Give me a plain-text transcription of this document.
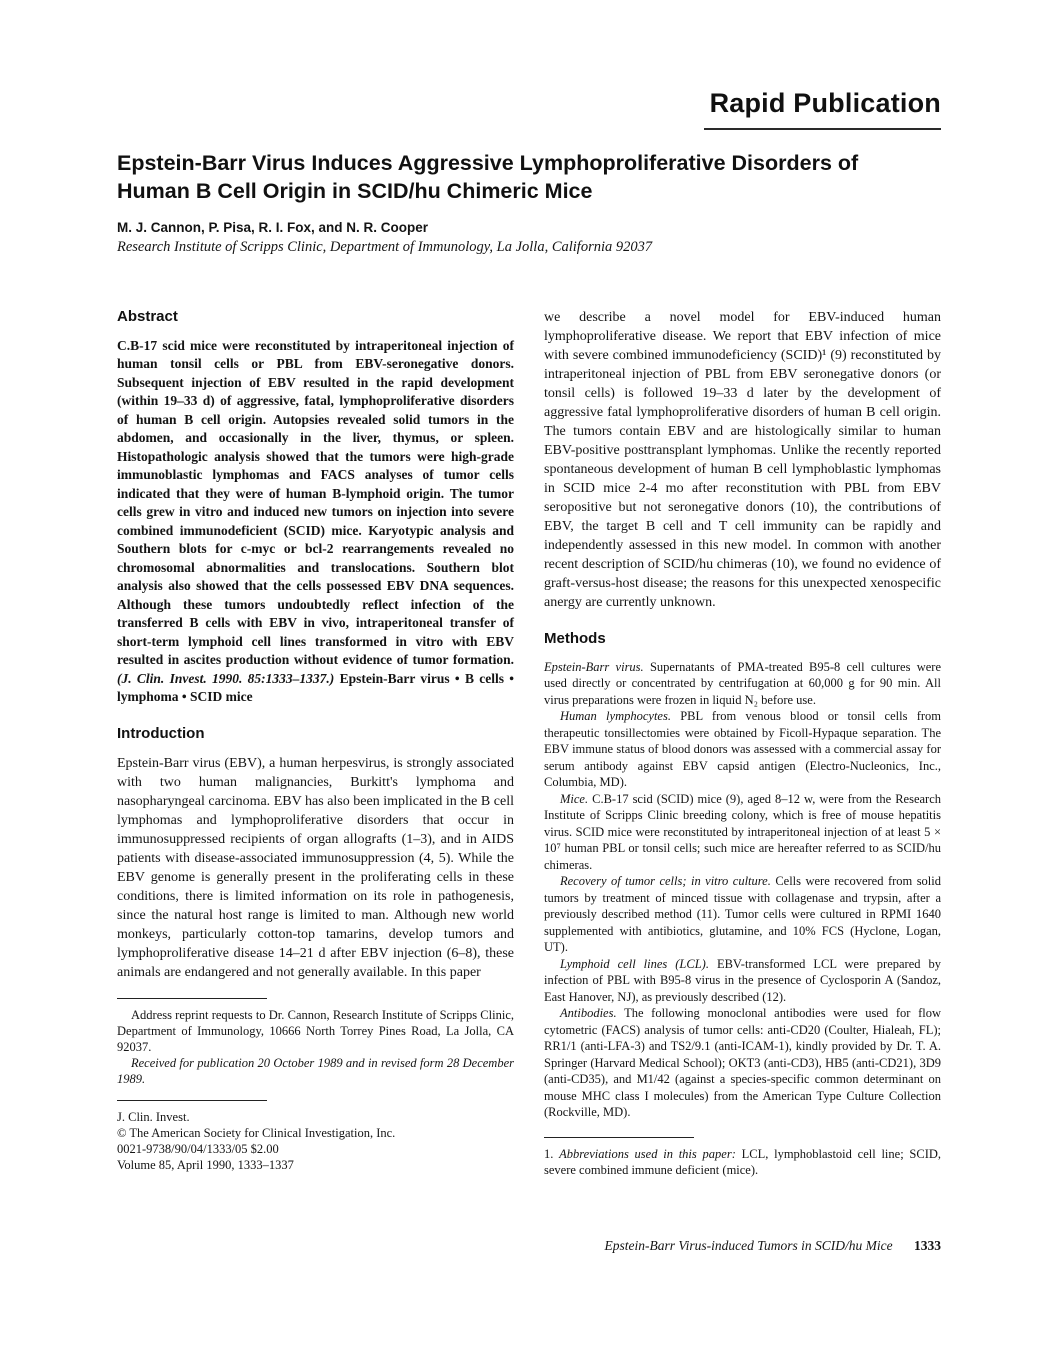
Rapid Publication
Epstein-Barr Virus Induces Aggressive Lymphoproliferative Disorders of Human B Cell Origin in SCID/hu Chimeric Mice

M. J. Cannon, P. Pisa, R. I. Fox, and N. R. Cooper

Research Institute of Scripps Clinic, Department of Immunology, La Jolla, California 92037

Abstract

C.B-17 scid mice were reconstituted by intraperitoneal injection of human tonsil cells or PBL from EBV-seronegative donors. Subsequent injection of EBV resulted in the rapid development (within 19–33 d) of aggressive, fatal, lymphoproliferative disorders of human B cell origin. Autopsies revealed solid tumors in the abdomen, and occasionally in the liver, thymus, or spleen. Histopathologic analysis showed that the tumors were high-grade immunoblastic lymphomas and FACS analyses of tumor cells indicated that they were of human B-lymphoid origin. The tumor cells grew in vitro and induced new tumors on injection into severe combined immunodeficient (SCID) mice. Karyotypic analysis and Southern blots for c-myc or bcl-2 rearrangements revealed no chromosomal abnormalities and translocations. Southern blot analysis also showed that the cells possessed EBV DNA sequences. Although these tumors undoubtedly reflect infection of the transferred B cells with EBV in vivo, intraperitoneal transfer of short-term lymphoid cell lines transformed in vitro with EBV resulted in ascites production without evidence of tumor formation. (J. Clin. Invest. 1990. 85:1333–1337.) Epstein-Barr virus • B cells • lymphoma • SCID mice

Introduction

Epstein-Barr virus (EBV), a human herpesvirus, is strongly associated with two human malignancies, Burkitt's lymphoma and nasopharyngeal carcinoma. EBV has also been implicated in the B cell lymphomas and lymphoproliferative disorders that occur in immunosuppressed recipients of organ allografts (1–3), and in AIDS patients with disease-associated immunosuppression (4, 5). While the EBV genome is generally present in the proliferating cells in these conditions, there is limited information on its role in pathogenesis, since the natural host range is limited to man. Although new world monkeys, particularly cotton-top tamarins, develop tumors and lymphoproliferative disease 14–21 d after EBV injection (6–8), these animals are endangered and not generally available. In this paper

Address reprint requests to Dr. Cannon, Research Institute of Scripps Clinic, Department of Immunology, 10666 North Torrey Pines Road, La Jolla, CA 92037.

Received for publication 20 October 1989 and in revised form 28 December 1989.

J. Clin. Invest.

© The American Society for Clinical Investigation, Inc.

0021-9738/90/04/1333/05 $2.00

Volume 85, April 1990, 1333–1337

we describe a novel model for EBV-induced human lymphoproliferative disease. We report that EBV infection of mice with severe combined immunodeficiency (SCID)¹ (9) reconstituted by intraperitoneal injection of PBL from EBV seronegative donors (or tonsil cells) is followed 19–33 d later by the development of aggressive fatal lymphoproliferative disorders of human B cell origin. The tumors contain EBV and are histologically similar to human EBV-positive posttransplant lymphomas. Unlike the recently reported spontaneous development of human B cell lymphoblastic lymphomas in SCID mice 2-4 mo after reconstitution with PBL from EBV seropositive but not seronegative donors (10), the contributions of EBV, the target B cell and T cell immunity can be rapidly and independently assessed in this new model. In common with another recent description of SCID/hu chimeras (10), we found no evidence of graft-versus-host disease; the reasons for this unexpected xenospecific anergy are currently unknown.

Methods

Epstein-Barr virus. Supernatants of PMA-treated B95-8 cell cultures were used directly or concentrated by centrifugation at 60,000 g for 90 min. All virus preparations were frozen in liquid N₂ before use.

Human lymphocytes. PBL from venous blood or tonsil cells from therapeutic tonsillectomies were obtained by Ficoll-Hypaque separation. The EBV immune status of blood donors was assessed with a commercial assay for serum antibody against EBV capsid antigen (Electro-Nucleonics, Inc., Columbia, MD).

Mice. C.B-17 scid (SCID) mice (9), aged 8–12 w, were from the Research Institute of Scripps Clinic breeding colony, which is free of mouse hepatitis virus. SCID mice were reconstituted by intraperitoneal injection of at least 5 × 10⁷ human PBL or tonsil cells; such mice are hereafter referred to as SCID/hu chimeras.

Recovery of tumor cells; in vitro culture. Cells were recovered from solid tumors by treatment of minced tissue with collagenase and trypsin, after a previously described method (11). Tumor cells were cultured in RPMI 1640 supplemented with antibiotics, glutamine, and 10% FCS (Hyclone, Logan, UT).

Lymphoid cell lines (LCL). EBV-transformed LCL were prepared by infection of PBL with B95-8 virus in the presence of Cyclosporin A (Sandoz, East Hanover, NJ), as previously described (12).

Antibodies. The following monoclonal antibodies were used for flow cytometric (FACS) analysis of tumor cells: anti-CD20 (Coulter, Hialeah, FL); RR1/1 (anti-LFA-3) and TS2/9.1 (anti-ICAM-1), kindly provided by Dr. T. A. Springer (Harvard Medical School); OKT3 (anti-CD3), HB5 (anti-CD21), 3D9 (anti-CD35), and M1/42 (against a species-specific common determinant on mouse MHC class I molecules) from the American Type Culture Collection (Rockville, MD).

1. Abbreviations used in this paper: LCL, lymphoblastoid cell line; SCID, severe combined immune deficient (mice).

Epstein-Barr Virus-induced Tumors in SCID/hu Mice 1333
